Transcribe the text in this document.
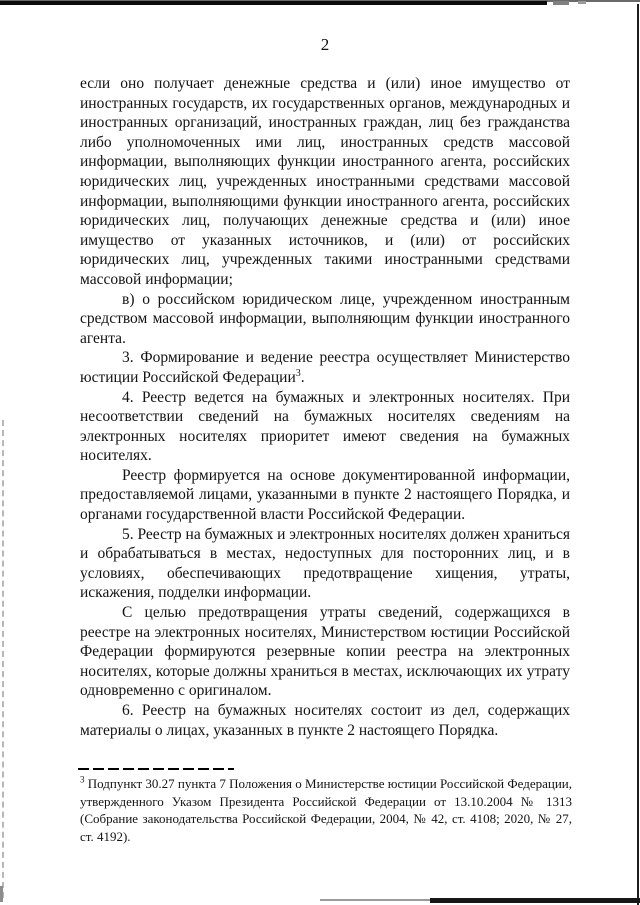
2

если оно получает денежные средства и (или) иное имущество от иностранных государств, их государственных органов, международных и иностранных организаций, иностранных граждан, лиц без гражданства либо уполномоченных ими лиц, иностранных средств массовой информации, выполняющих функции иностранного агента, российских юридических лиц, учрежденных иностранными средствами массовой информации, выполняющими функции иностранного агента, российских юридических лиц, получающих денежные средства и (или) иное имущество от указанных источников, и (или) от российских юридических лиц, учрежденных такими иностранными средствами массовой информации;

в) о российском юридическом лице, учрежденном иностранным средством массовой информации, выполняющим функции иностранного агента.

3. Формирование и ведение реестра осуществляет Министерство юстиции Российской Федерации$^3$.

4. Реестр ведется на бумажных и электронных носителях. При несоответствии сведений на бумажных носителях сведениям на электронных носителях приоритет имеют сведения на бумажных носителях.

Реестр формируется на основе документированной информации, предоставляемой лицами, указанными в пункте 2 настоящего Порядка, и органами государственной власти Российской Федерации.

5. Реестр на бумажных и электронных носителях должен храниться и обрабатываться в местах, недоступных для посторонних лиц, и в условиях, обеспечивающих предотвращение хищения, утраты, искажения, подделки информации.

С целью предотвращения утраты сведений, содержащихся в реестре на электронных носителях, Министерством юстиции Российской Федерации формируются резервные копии реестра на электронных носителях, которые должны храниться в местах, исключающих их утрату одновременно с оригиналом.

6. Реестр на бумажных носителях состоит из дел, содержащих материалы о лицах, указанных в пункте 2 настоящего Порядка.

$^3$ Подпункт 30.27 пункта 7 Положения о Министерстве юстиции Российской Федерации, утвержденного Указом Президента Российской Федерации от 13.10.2004 № 1313 (Собрание законодательства Российской Федерации, 2004, № 42, ст. 4108; 2020, № 27, ст. 4192).
